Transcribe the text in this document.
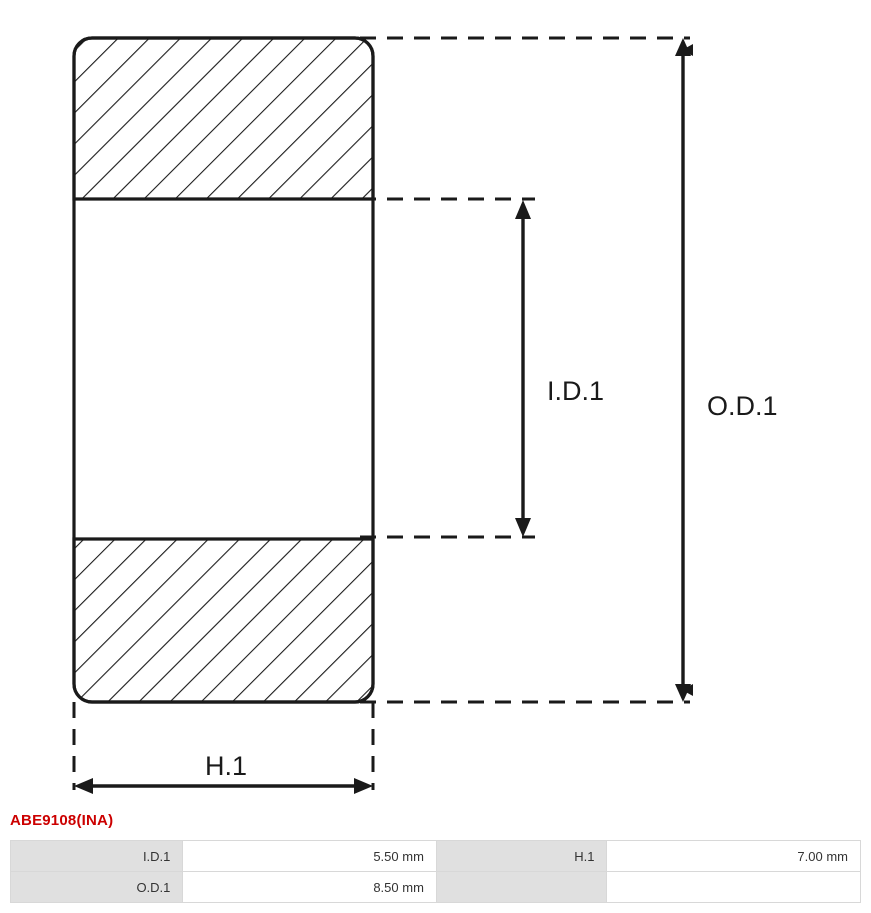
I.D.1	O.D.1
H.1
ABE9108(INA)
I.D.1	5.50 mm	H.1	7.00 mm
O.D.1	8.50 mm		
